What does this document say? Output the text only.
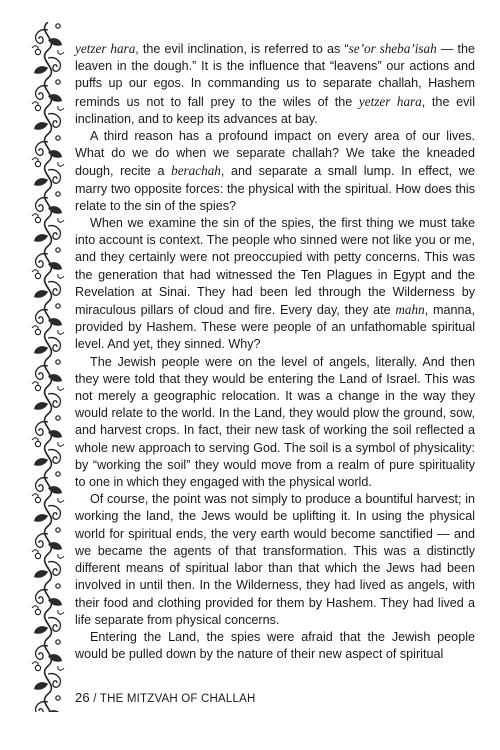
yetzer hara, the evil inclination, is referred to as “se’or sheba’isah — the leaven in the dough.” It is the influence that “leavens” our actions and puffs up our egos. In commanding us to separate challah, Hashem reminds us not to fall prey to the wiles of the yetzer hara, the evil inclination, and to keep its advances at bay.

A third reason has a profound impact on every area of our lives. What do we do when we separate challah? We take the kneaded dough, recite a berachah, and separate a small lump. In effect, we marry two opposite forces: the physical with the spiritual. How does this relate to the sin of the spies?

When we examine the sin of the spies, the first thing we must take into account is context. The people who sinned were not like you or me, and they certainly were not preoccupied with petty concerns. This was the generation that had witnessed the Ten Plagues in Egypt and the Revelation at Sinai. They had been led through the Wilderness by miraculous pillars of cloud and fire. Every day, they ate mahn, manna, provided by Hashem. These were people of an unfathomable spiritual level. And yet, they sinned. Why?

The Jewish people were on the level of angels, literally. And then they were told that they would be entering the Land of Israel. This was not merely a geographic relocation. It was a change in the way they would relate to the world. In the Land, they would plow the ground, sow, and harvest crops. In fact, their new task of working the soil reflected a whole new approach to serving God. The soil is a symbol of physicality: by “working the soil” they would move from a realm of pure spirituality to one in which they engaged with the physical world.

Of course, the point was not simply to produce a bountiful harvest; in working the land, the Jews would be uplifting it. In using the physical world for spiritual ends, the very earth would become sanctified — and we became the agents of that transformation. This was a distinctly different means of spiritual labor than that which the Jews had been involved in until then. In the Wilderness, they had lived as angels, with their food and clothing provided for them by Hashem. They had lived a life separate from physical concerns.

Entering the Land, the spies were afraid that the Jewish people would be pulled down by the nature of their new aspect of spiritual

26 / THE MITZVAH OF CHALLAH
